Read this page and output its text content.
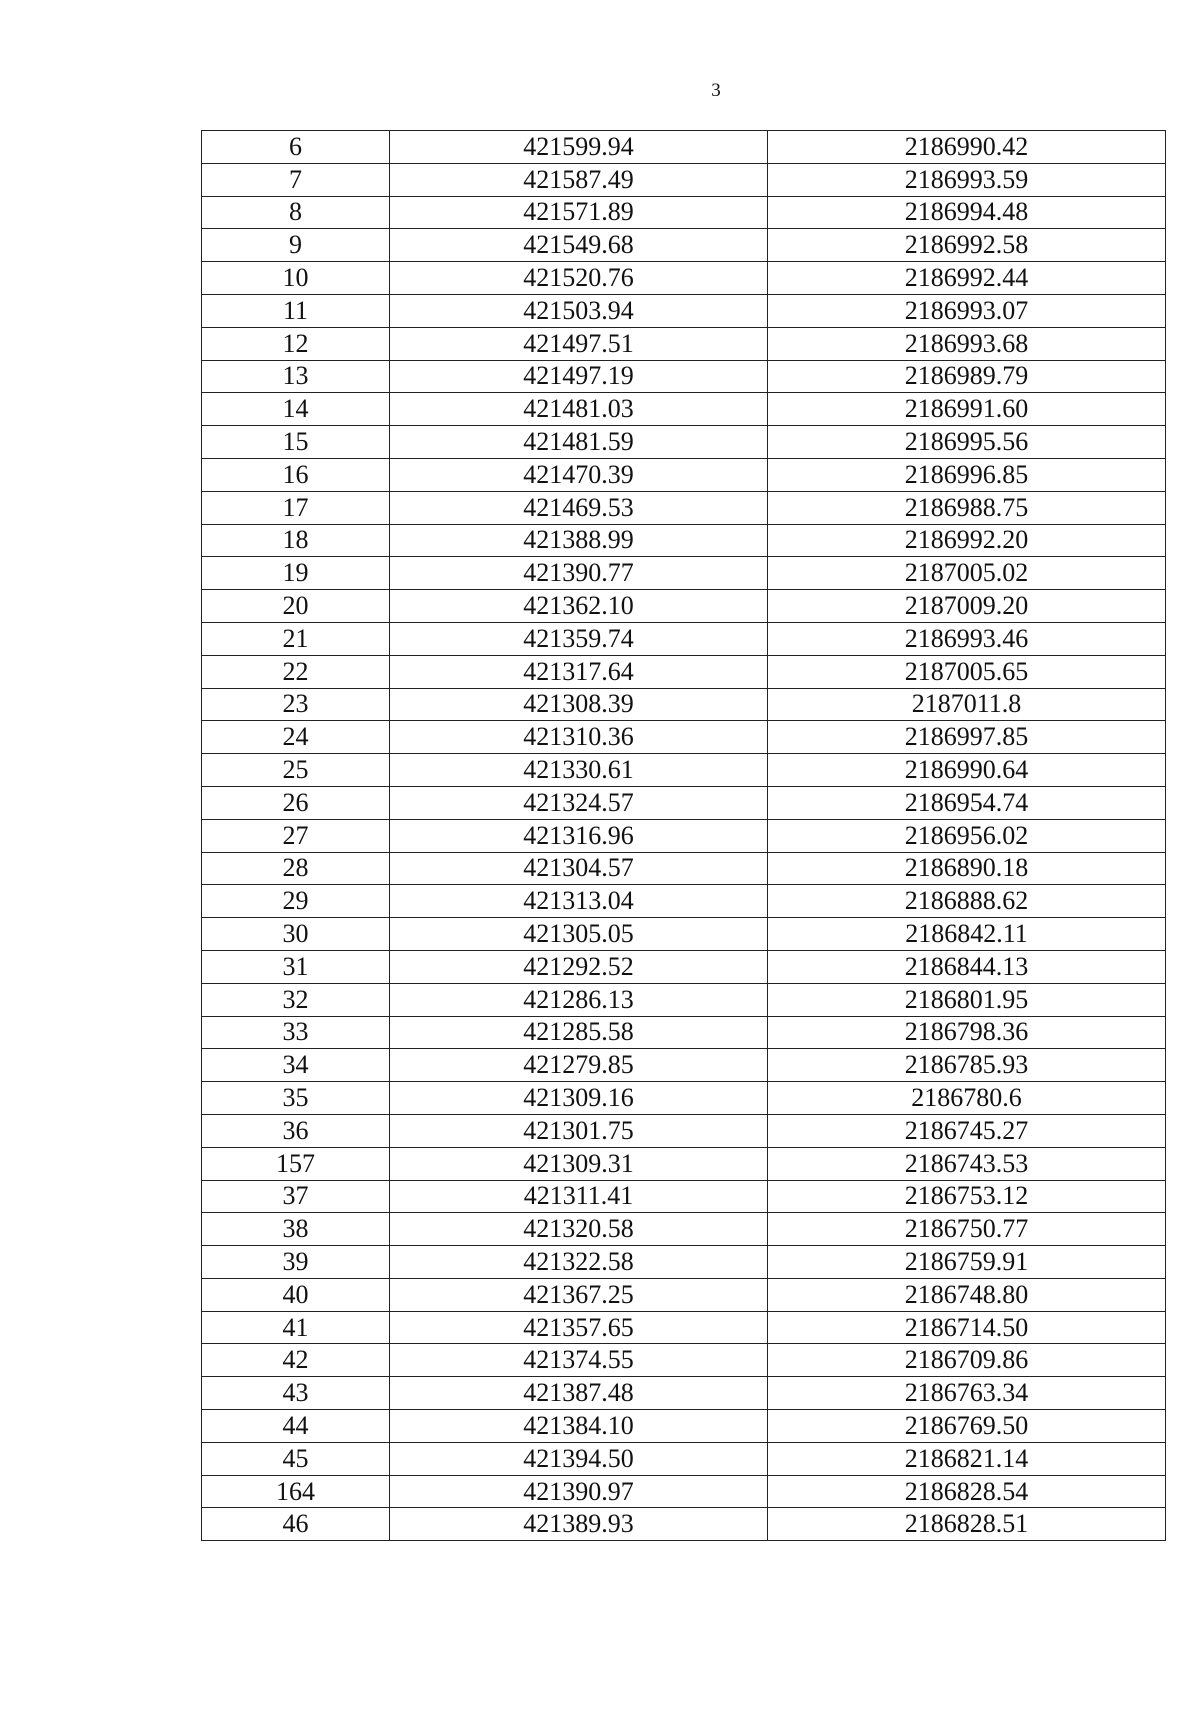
3
6	421599.94	2186990.42
7	421587.49	2186993.59
8	421571.89	2186994.48
9	421549.68	2186992.58
10	421520.76	2186992.44
11	421503.94	2186993.07
12	421497.51	2186993.68
13	421497.19	2186989.79
14	421481.03	2186991.60
15	421481.59	2186995.56
16	421470.39	2186996.85
17	421469.53	2186988.75
18	421388.99	2186992.20
19	421390.77	2187005.02
20	421362.10	2187009.20
21	421359.74	2186993.46
22	421317.64	2187005.65
23	421308.39	2187011.8
24	421310.36	2186997.85
25	421330.61	2186990.64
26	421324.57	2186954.74
27	421316.96	2186956.02
28	421304.57	2186890.18
29	421313.04	2186888.62
30	421305.05	2186842.11
31	421292.52	2186844.13
32	421286.13	2186801.95
33	421285.58	2186798.36
34	421279.85	2186785.93
35	421309.16	2186780.6
36	421301.75	2186745.27
157	421309.31	2186743.53
37	421311.41	2186753.12
38	421320.58	2186750.77
39	421322.58	2186759.91
40	421367.25	2186748.80
41	421357.65	2186714.50
42	421374.55	2186709.86
43	421387.48	2186763.34
44	421384.10	2186769.50
45	421394.50	2186821.14
164	421390.97	2186828.54
46	421389.93	2186828.51
